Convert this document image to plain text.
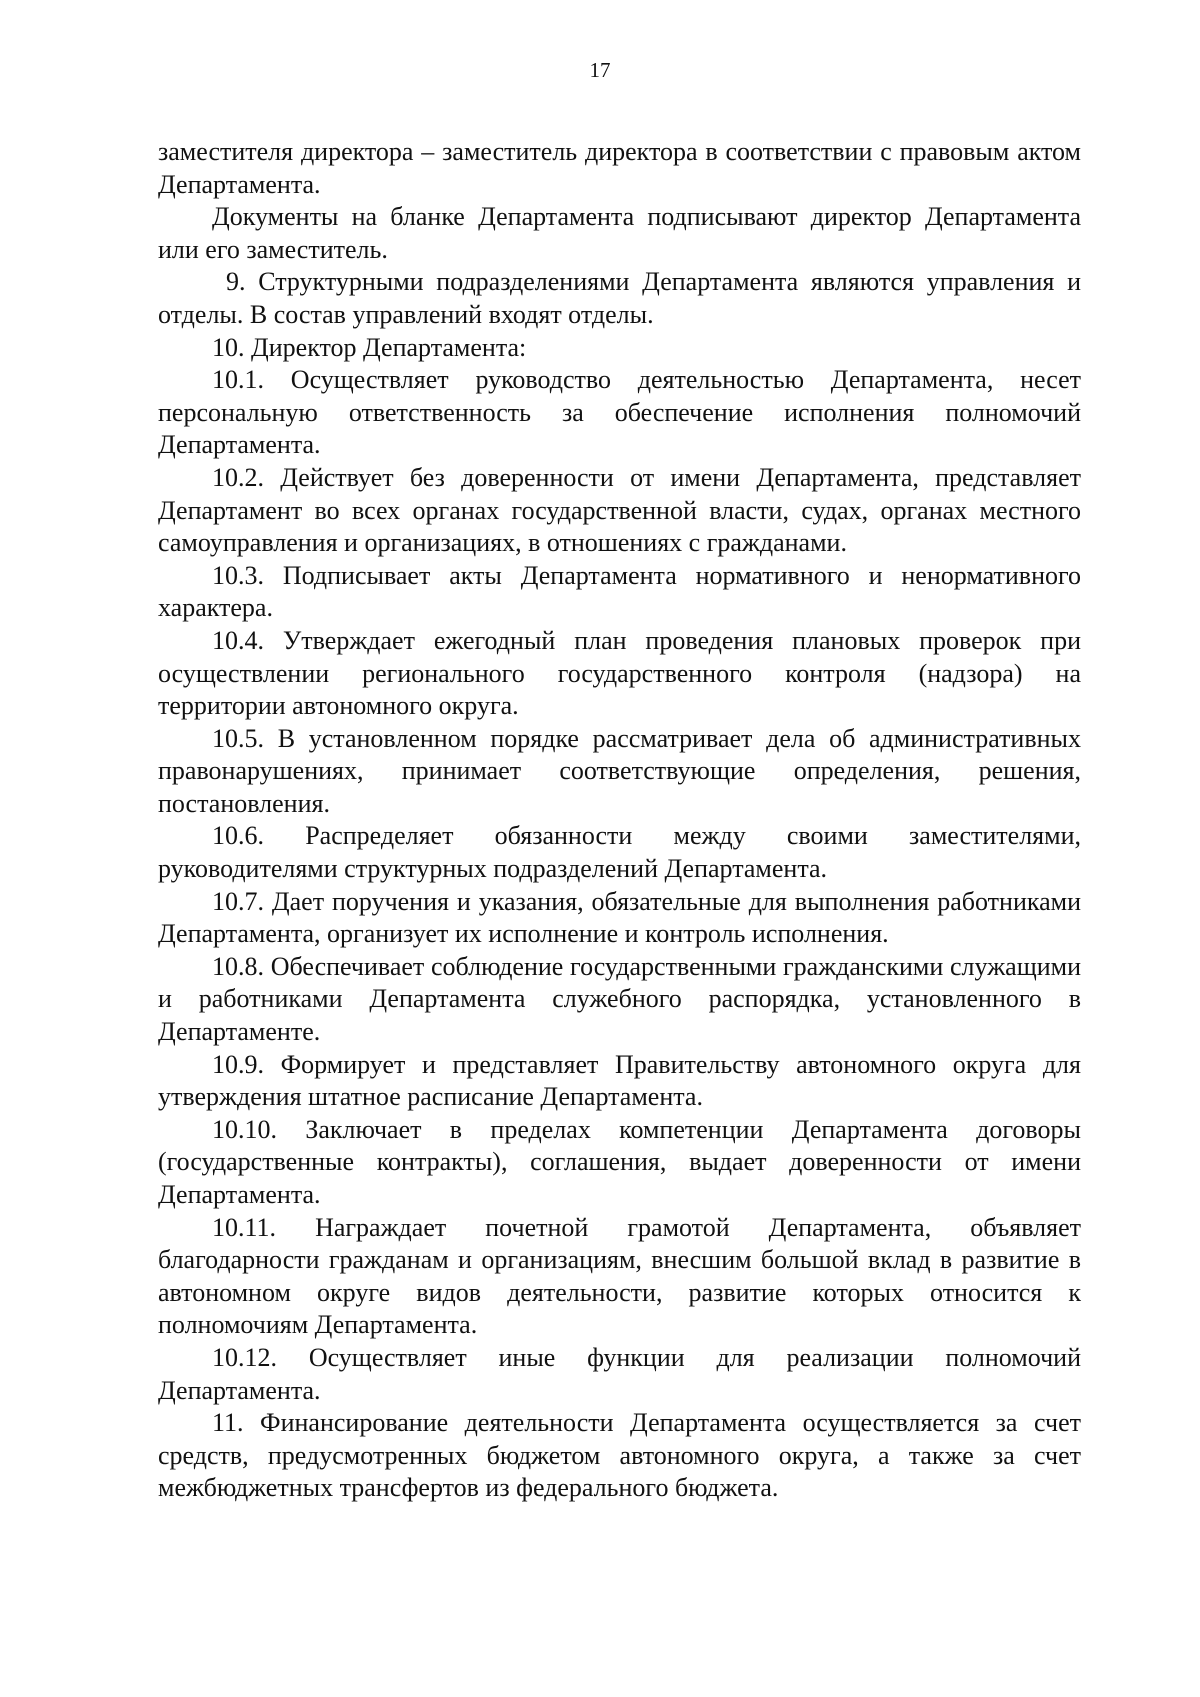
17

заместителя директора – заместитель директора в соответствии с правовым актом Департамента.

Документы на бланке Департамента подписывают директор Департамента или его заместитель.

9. Структурными подразделениями Департамента являются управления и отделы. В состав управлений входят отделы.

10. Директор Департамента:

10.1. Осуществляет руководство деятельностью Департамента, несет персональную ответственность за обеспечение исполнения полномочий Департамента.

10.2. Действует без доверенности от имени Департамента, представляет Департамент во всех органах государственной власти, судах, органах местного самоуправления и организациях, в отношениях с гражданами.

10.3. Подписывает акты Департамента нормативного и ненормативного характера.

10.4. Утверждает ежегодный план проведения плановых проверок при осуществлении регионального государственного контроля (надзора) на территории автономного округа.

10.5. В установленном порядке рассматривает дела об административных правонарушениях, принимает соответствующие определения, решения, постановления.

10.6. Распределяет обязанности между своими заместителями, руководителями структурных подразделений Департамента.

10.7. Дает поручения и указания, обязательные для выполнения работниками Департамента, организует их исполнение и контроль исполнения.

10.8. Обеспечивает соблюдение государственными гражданскими служащими и работниками Департамента служебного распорядка, установленного в Департаменте.

10.9. Формирует и представляет Правительству автономного округа для утверждения штатное расписание Департамента.

10.10. Заключает в пределах компетенции Департамента договоры (государственные контракты), соглашения, выдает доверенности от имени Департамента.

10.11. Награждает почетной грамотой Департамента, объявляет благодарности гражданам и организациям, внесшим большой вклад в развитие в автономном округе видов деятельности, развитие которых относится к полномочиям Департамента.

10.12. Осуществляет иные функции для реализации полномочий Департамента.

11. Финансирование деятельности Департамента осуществляется за счет средств, предусмотренных бюджетом автономного округа, а также за счет межбюджетных трансфертов из федерального бюджета.
